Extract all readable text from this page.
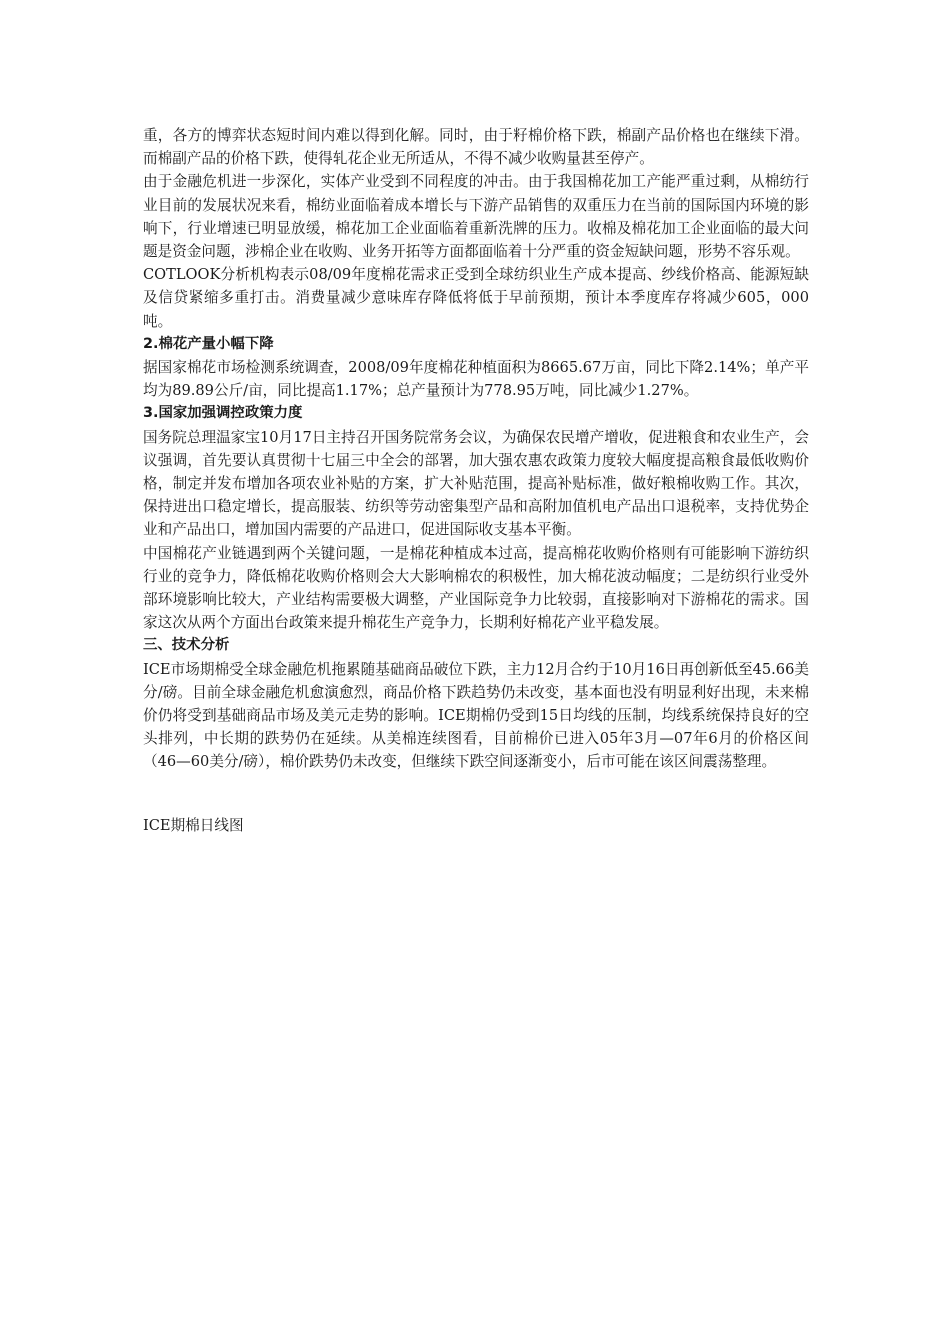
重，各方的博弈状态短时间内难以得到化解。同时，由于籽棉价格下跌，棉副产品价格也在继续下滑。而棉副产品的价格下跌，使得轧花企业无所适从，不得不减少收购量甚至停产。

由于金融危机进一步深化，实体产业受到不同程度的冲击。由于我国棉花加工产能严重过剩，从棉纺行业目前的发展状况来看，棉纺业面临着成本增长与下游产品销售的双重压力在当前的国际国内环境的影响下，行业增速已明显放缓，棉花加工企业面临着重新洗牌的压力。收棉及棉花加工企业面临的最大问题是资金问题，涉棉企业在收购、业务开拓等方面都面临着十分严重的资金短缺问题，形势不容乐观。

COTLOOK分析机构表示08/09年度棉花需求正受到全球纺织业生产成本提高、纱线价格高、能源短缺及信贷紧缩多重打击。消费量减少意味库存降低将低于早前预期，预计本季度库存将减少605，000吨。

2.棉花产量小幅下降

据国家棉花市场检测系统调查，2008/09年度棉花种植面积为8665.67万亩，同比下降2.14%；单产平均为89.89公斤/亩，同比提高1.17%；总产量预计为778.95万吨，同比减少1.27%。

3.国家加强调控政策力度

国务院总理温家宝10月17日主持召开国务院常务会议，为确保农民增产增收，促进粮食和农业生产，会议强调，首先要认真贯彻十七届三中全会的部署，加大强农惠农政策力度较大幅度提高粮食最低收购价格，制定并发布增加各项农业补贴的方案，扩大补贴范围，提高补贴标准，做好粮棉收购工作。其次，保持进出口稳定增长，提高服装、纺织等劳动密集型产品和高附加值机电产品出口退税率，支持优势企业和产品出口，增加国内需要的产品进口，促进国际收支基本平衡。

中国棉花产业链遇到两个关键问题，一是棉花种植成本过高，提高棉花收购价格则有可能影响下游纺织行业的竞争力，降低棉花收购价格则会大大影响棉农的积极性，加大棉花波动幅度；二是纺织行业受外部环境影响比较大，产业结构需要极大调整，产业国际竞争力比较弱，直接影响对下游棉花的需求。国家这次从两个方面出台政策来提升棉花生产竞争力，长期利好棉花产业平稳发展。

三、技术分析

ICE市场期棉受全球金融危机拖累随基础商品破位下跌，主力12月合约于10月16日再创新低至45.66美分/磅。目前全球金融危机愈演愈烈，商品价格下跌趋势仍未改变，基本面也没有明显利好出现，未来棉价仍将受到基础商品市场及美元走势的影响。ICE期棉仍受到15日均线的压制，均线系统保持良好的空头排列，中长期的跌势仍在延续。从美棉连续图看，目前棉价已进入05年3月—07年6月的价格区间（46—60美分/磅），棉价跌势仍未改变，但继续下跌空间逐渐变小，后市可能在该区间震荡整理。

ICE期棉日线图
